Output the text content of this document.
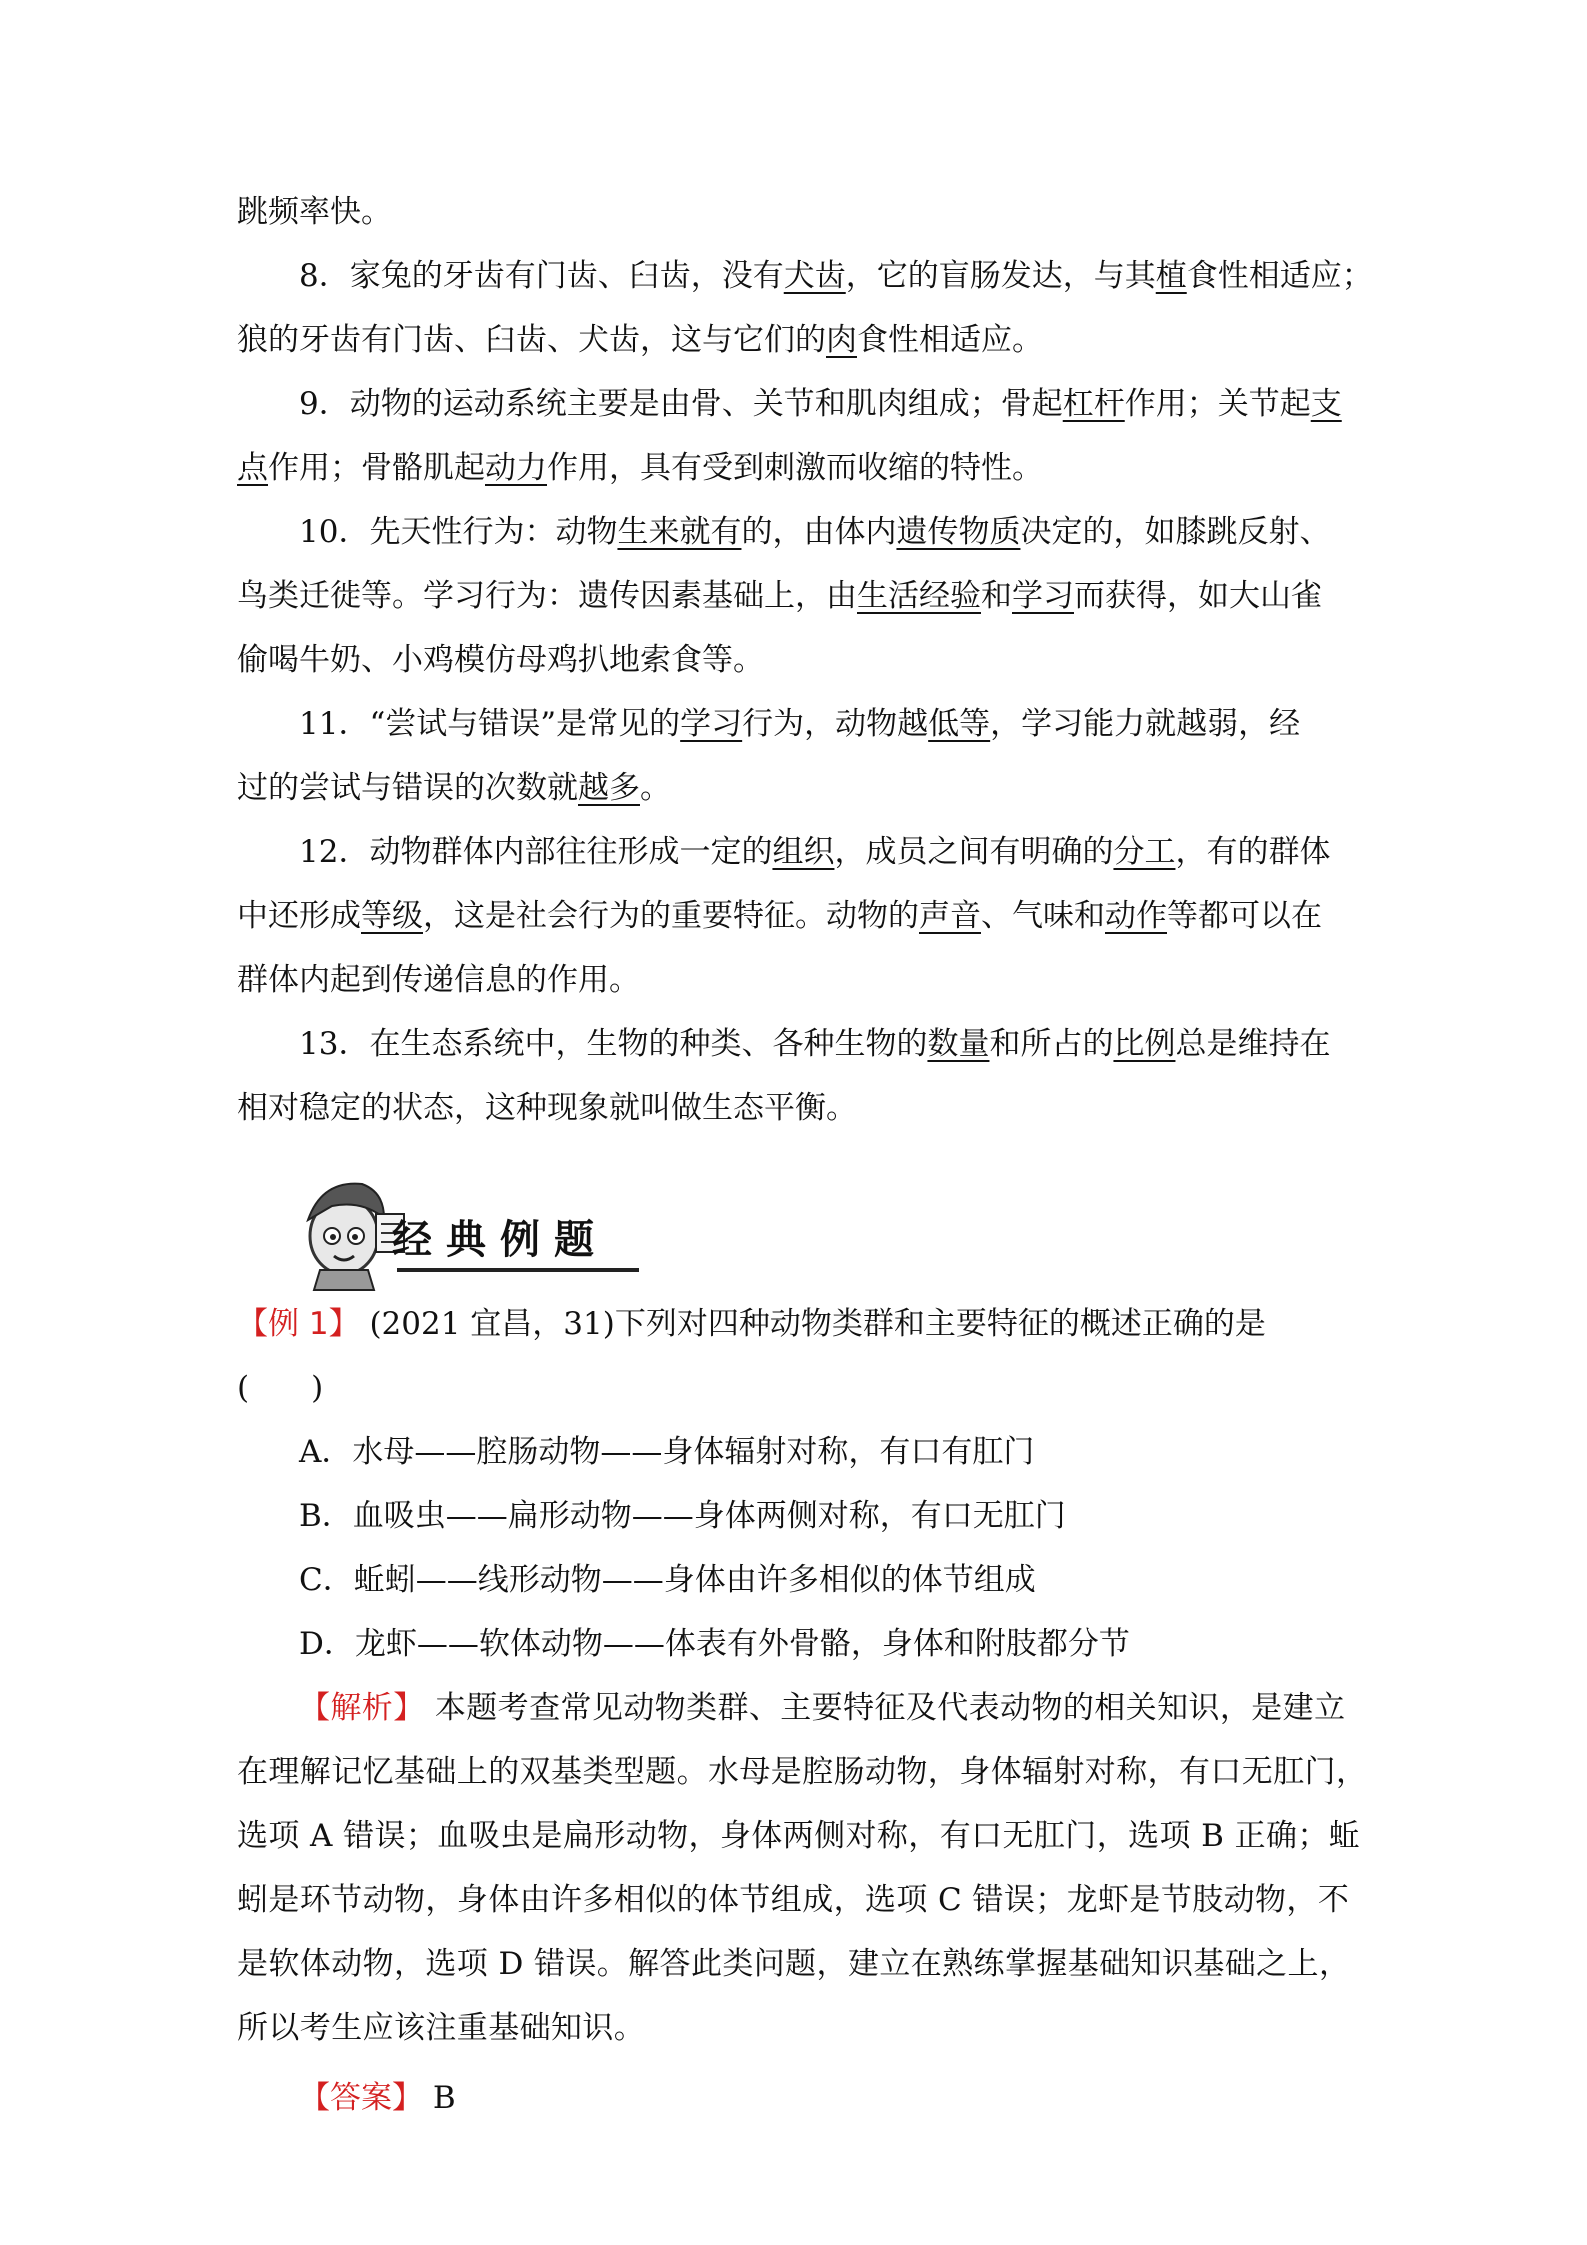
跳频率快。
8．家兔的牙齿有门齿、臼齿，没有犬齿，它的盲肠发达，与其植食性相适应；
狼的牙齿有门齿、臼齿、犬齿，这与它们的肉食性相适应。
9．动物的运动系统主要是由骨、关节和肌肉组成；骨起杠杆作用；关节起支
点作用；骨骼肌起动力作用，具有受到刺激而收缩的特性。
10．先天性行为：动物生来就有的，由体内遗传物质决定的，如膝跳反射、
鸟类迁徙等。学习行为：遗传因素基础上，由生活经验和学习而获得，如大山雀
偷喝牛奶、小鸡模仿母鸡扒地索食等。
11．“尝试与错误”是常见的学习行为，动物越低等，学习能力就越弱，经
过的尝试与错误的次数就越多。
12．动物群体内部往往形成一定的组织，成员之间有明确的分工，有的群体
中还形成等级，这是社会行为的重要特征。动物的声音、气味和动作等都可以在
群体内起到传递信息的作用。
13．在生态系统中，生物的种类、各种生物的数量和所占的比例总是维持在
相对稳定的状态，这种现象就叫做生态平衡。
经典例题
【例 1】 (2021 宜昌，31)下列对四种动物类群和主要特征的概述正确的是
(　　)
A．水母——腔肠动物——身体辐射对称，有口有肛门
B．血吸虫——扁形动物——身体两侧对称，有口无肛门
C．蚯蚓——线形动物——身体由许多相似的体节组成
D．龙虾——软体动物——体表有外骨骼，身体和附肢都分节
【解析】 本题考查常见动物类群、主要特征及代表动物的相关知识，是建立
在理解记忆基础上的双基类型题。水母是腔肠动物，身体辐射对称，有口无肛门，
选项 A 错误；血吸虫是扁形动物，身体两侧对称，有口无肛门，选项 B 正确；蚯
蚓是环节动物，身体由许多相似的体节组成，选项 C 错误；龙虾是节肢动物，不
是软体动物，选项 D 错误。解答此类问题，建立在熟练掌握基础知识基础之上，
所以考生应该注重基础知识。
【答案】 B
